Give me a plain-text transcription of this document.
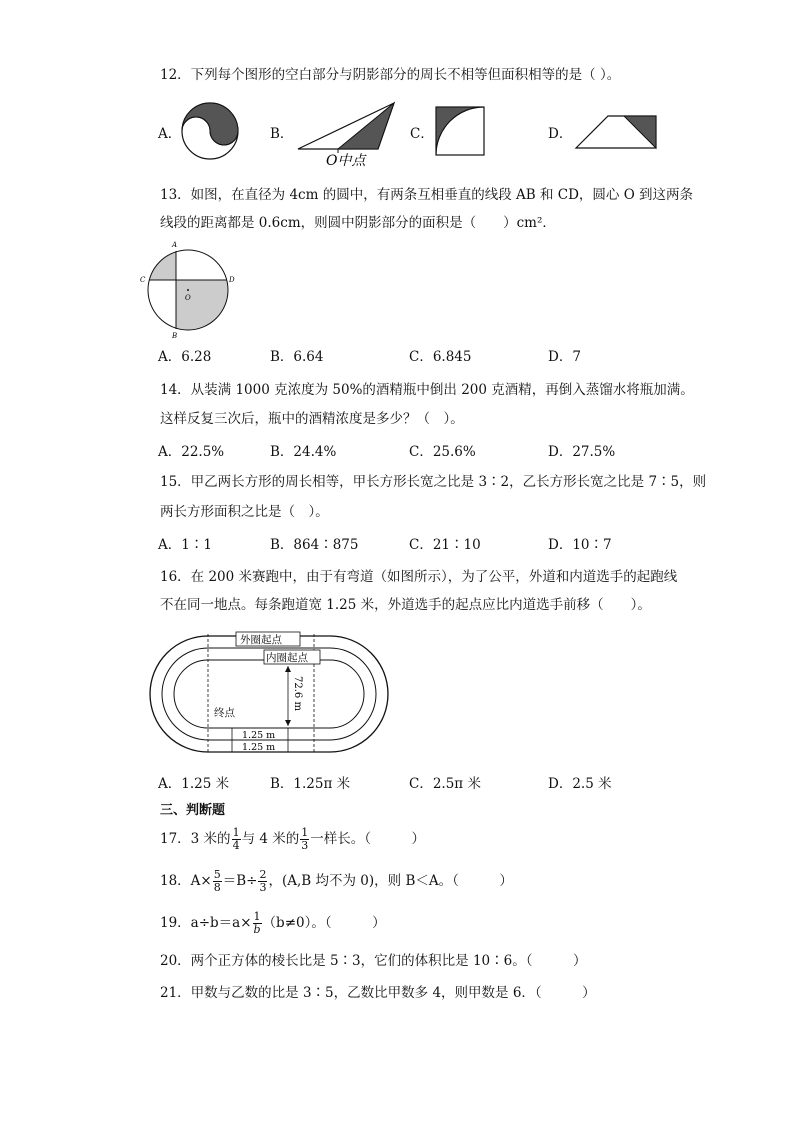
12．下列每个图形的空白部分与阴影部分的周长不相等但面积相等的是（ ）。
A．	B．	C．	D．
O中点
13．如图，在直径为 4cm 的圆中，有两条互相垂直的线段 AB 和 CD，圆心 O 到这两条
线段的距离都是 0.6cm，则圆中阴影部分的面积是（　　）cm²．
A
B
C	D
O
A．6.28	B．6.64	C．6.845	D．7
14．从装满 1000 克浓度为 50%的酒精瓶中倒出 200 克酒精，再倒入蒸馏水将瓶加满。
这样反复三次后，瓶中的酒精浓度是多少？（　）。
A．22.5%	B．24.4%	C．25.6%	D．27.5%
15．甲乙两长方形的周长相等，甲长方形长宽之比是 3∶2，乙长方形长宽之比是 7∶5，则
两长方形面积之比是（　）。
A．1∶1	B．864∶875	C．21∶10	D．10∶7
16．在 200 米赛跑中，由于有弯道（如图所示），为了公平，外道和内道选手的起跑线
不在同一地点。每条跑道宽 1.25 米，外道选手的起点应比内道选手前移（　　）。
外圈起点
内圈起点
72.6 m
终点
1.25 m
1.25 m
A．1.25 米	B．1.25π 米	C．2.5π 米	D．2.5 米
三、判断题
17．3 米的 $\frac{1}{4}$ 与 4 米的 $\frac{1}{3}$ 一样长。（　　　）
18．$A\times \frac{5}{8} =B\div \frac{2}{3}$ ，(A,B 均不为 0)，则 B＜A。（　　　）
19．$a\div b=a\times \frac{1}{b} (b\ne 0)$。（　　　）
20．两个正方体的棱长比是 5∶3，它们的体积比是 10∶6。（　　　）
21．甲数与乙数的比是 3∶5，乙数比甲数多 4，则甲数是 6．（　　　）
